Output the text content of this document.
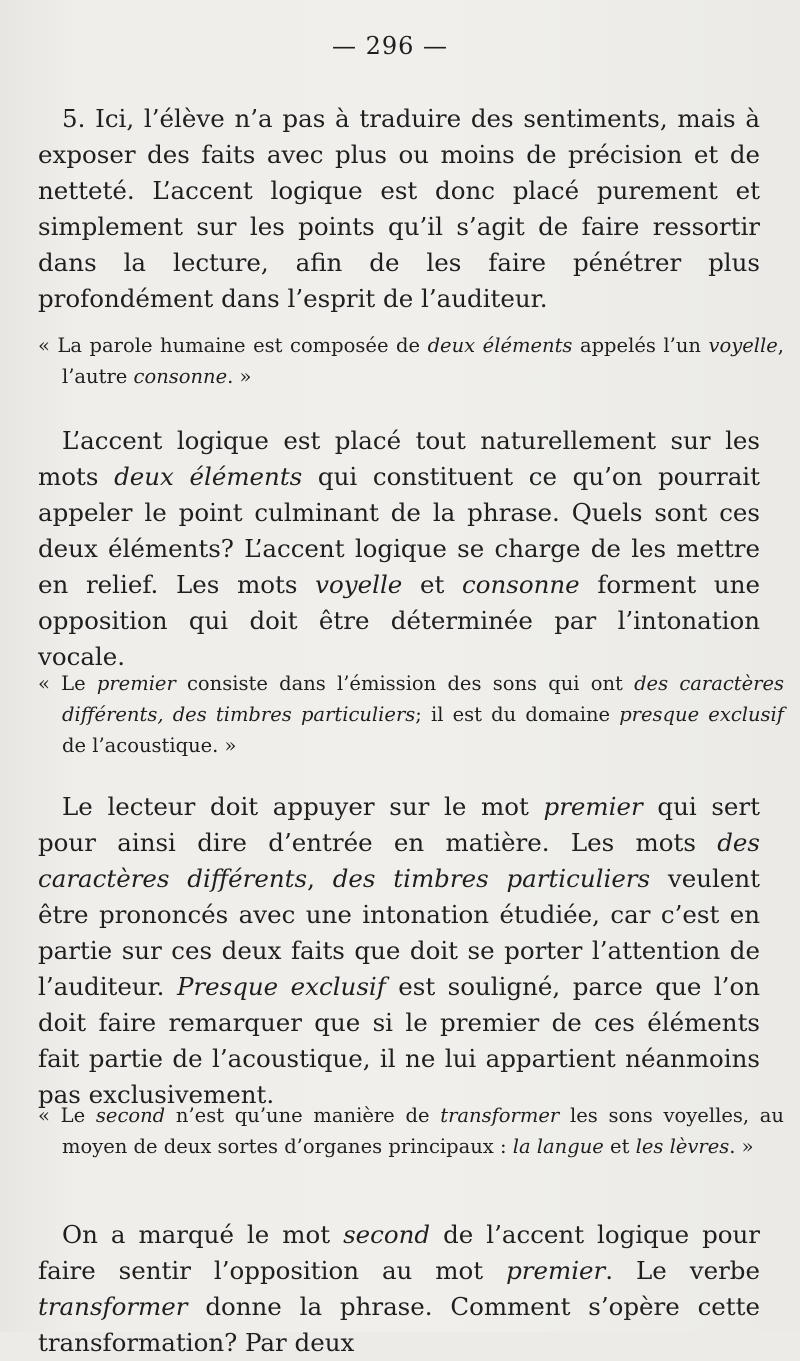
— 296 —

5. Ici, l’élève n’a pas à traduire des sentiments, mais à exposer des faits avec plus ou moins de précision et de netteté. L’accent logique est donc placé purement et simplement sur les points qu’il s’agit de faire ressortir dans la lecture, afin de les faire pénétrer plus profondément dans l’esprit de l’auditeur.

« La parole humaine est composée de deux éléments appelés l’un voyelle, l’autre consonne. »

L’accent logique est placé tout naturellement sur les mots deux éléments qui constituent ce qu’on pourrait appeler le point culminant de la phrase. Quels sont ces deux éléments? L’accent logique se charge de les mettre en relief. Les mots voyelle et consonne forment une opposition qui doit être déterminée par l’intonation vocale.

« Le premier consiste dans l’émission des sons qui ont des caractères différents, des timbres particuliers; il est du domaine presque exclusif de l’acoustique. »

Le lecteur doit appuyer sur le mot premier qui sert pour ainsi dire d’entrée en matière. Les mots des caractères différents, des timbres particuliers veulent être prononcés avec une intonation étudiée, car c’est en partie sur ces deux faits que doit se porter l’attention de l’auditeur. Presque exclusif est souligné, parce que l’on doit faire remarquer que si le premier de ces éléments fait partie de l’acoustique, il ne lui appartient néanmoins pas exclusivement.

« Le second n’est qu’une manière de transformer les sons voyelles, au moyen de deux sortes d’organes principaux : la langue et les lèvres. »

On a marqué le mot second de l’accent logique pour faire sentir l’opposition au mot premier. Le verbe transformer donne la phrase. Comment s’opère cette transformation? Par deux
